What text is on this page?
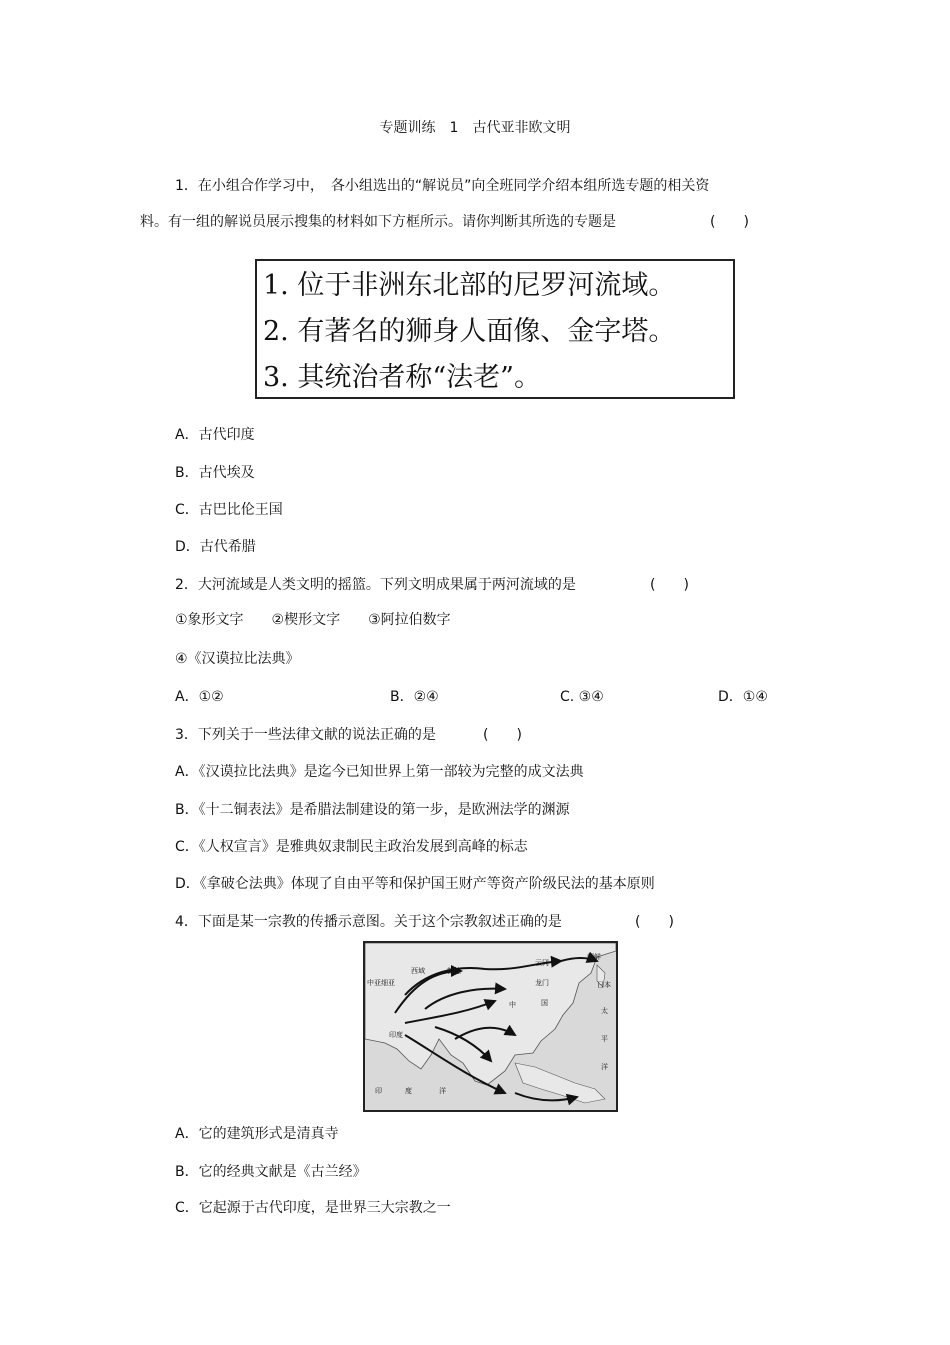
专题训练　1　古代亚非欧文明
1．在小组合作学习中，　各小组选出的“解说员”向全班同学介绍本组所选专题的相关资
料。有一组的解说员展示搜集的材料如下方框所示。请你判断其所选的专题是	(　　)
1. 位于非洲东北部的尼罗河流域。
2. 有著名的狮身人面像、金字塔。
3. 其统治者称“法老”。
A．古代印度
B．古代埃及
C．古巴比伦王国
D．古代希腊
2．大河流域是人类文明的摇篮。下列文明成果属于两河流域的是	(　　)
①象形文字　　②楔形文字　　③阿拉伯数字
④《汉谟拉比法典》
A．①②	B．②④	C. ③④	D．①④
3．下列关于一些法律文献的说法正确的是	(　　)
A．《汉谟拉比法典》是迄今已知世界上第一部较为完整的成文法典
B．《十二铜表法》是希腊法制建设的第一步，是欧洲法学的渊源
C．《人权宣言》是雅典奴隶制民主政治发展到高峰的标志
D．《拿破仑法典》体现了自由平等和保护国王财产等资产阶级民法的基本原则
4．下面是某一宗教的传播示意图。关于这个宗教叙述正确的是	(　　)
中亚细亚
西域	敦煌
云冈
朝鲜
日本
龙门
中	国
印度
太
平
洋
印	度	洋
A．它的建筑形式是清真寺
B．它的经典文献是《古兰经》
C．它起源于古代印度，是世界三大宗教之一
